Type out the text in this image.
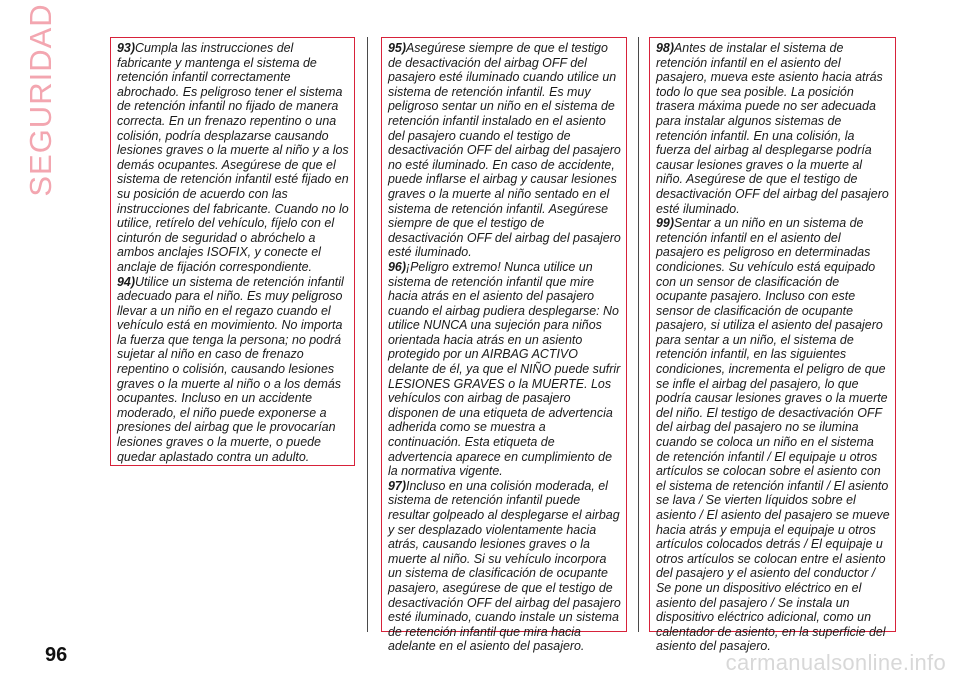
SEGURIDAD	93)Cumpla las instrucciones del fabricante y mantenga el sistema de retención infantil correctamente abrochado. Es peligroso tener el sistema de retención infantil no fijado de manera correcta. En un frenazo repentino o una colisión, podría desplazarse causando lesiones graves o la muerte al niño y a los demás ocupantes. Asegúrese de que el sistema de retención infantil esté fijado en su posición de acuerdo con las instrucciones del fabricante. Cuando no lo utilice, retírelo del vehículo, fíjelo con el cinturón de seguridad o abróchelo a ambos anclajes ISOFIX, y conecte el anclaje de fijación correspondiente.

94)Utilice un sistema de retención infantil adecuado para el niño. Es muy peligroso llevar a un niño en el regazo cuando el vehículo está en movimiento. No importa la fuerza que tenga la persona; no podrá sujetar al niño en caso de frenazo repentino o colisión, causando lesiones graves o la muerte al niño o a los demás ocupantes. Incluso en un accidente moderado, el niño puede exponerse a presiones del airbag que le provocarían lesiones graves o la muerte, o puede quedar aplastado contra un adulto.

95)Asegúrese siempre de que el testigo de desactivación del airbag OFF del pasajero esté iluminado cuando utilice un sistema de retención infantil. Es muy peligroso sentar un niño en el sistema de retención infantil instalado en el asiento del pasajero cuando el testigo de desactivación OFF del airbag del pasajero no esté iluminado. En caso de accidente, puede inflarse el airbag y causar lesiones graves o la muerte al niño sentado en el sistema de retención infantil. Asegúrese siempre de que el testigo de desactivación OFF del airbag del pasajero esté iluminado.

96)¡Peligro extremo! Nunca utilice un sistema de retención infantil que mire hacia atrás en el asiento del pasajero cuando el airbag pudiera desplegarse: No utilice NUNCA una sujeción para niños orientada hacia atrás en un asiento protegido por un AIRBAG ACTIVO delante de él, ya que el NIÑO puede sufrir LESIONES GRAVES o la MUERTE. Los vehículos con airbag de pasajero disponen de una etiqueta de advertencia adherida como se muestra a continuación. Esta etiqueta de advertencia aparece en cumplimiento de la normativa vigente.

97)Incluso en una colisión moderada, el sistema de retención infantil puede resultar golpeado al desplegarse el airbag y ser desplazado violentamente hacia atrás, causando lesiones graves o la muerte al niño. Si su vehículo incorpora un sistema de clasificación de ocupante pasajero, asegúrese de que el testigo de desactivación OFF del airbag del pasajero esté iluminado, cuando instale un sistema de retención infantil que mira hacia adelante en el asiento del pasajero.

98)Antes de instalar el sistema de retención infantil en el asiento del pasajero, mueva este asiento hacia atrás todo lo que sea posible. La posición trasera máxima puede no ser adecuada para instalar algunos sistemas de retención infantil. En una colisión, la fuerza del airbag al desplegarse podría causar lesiones graves o la muerte al niño. Asegúrese de que el testigo de desactivación OFF del airbag del pasajero esté iluminado.

99)Sentar a un niño en un sistema de retención infantil en el asiento del pasajero es peligroso en determinadas condiciones. Su vehículo está equipado con un sensor de clasificación de ocupante pasajero. Incluso con este sensor de clasificación de ocupante pasajero, si utiliza el asiento del pasajero para sentar a un niño, el sistema de retención infantil, en las siguientes condiciones, incrementa el peligro de que se infle el airbag del pasajero, lo que podría causar lesiones graves o la muerte del niño. El testigo de desactivación OFF del airbag del pasajero no se ilumina cuando se coloca un niño en el sistema de retención infantil / El equipaje u otros artículos se colocan sobre el asiento con el sistema de retención infantil / El asiento se lava / Se vierten líquidos sobre el asiento / El asiento del pasajero se mueve hacia atrás y empuja el equipaje u otros artículos colocados detrás / El equipaje u otros artículos se colocan entre el asiento del pasajero y el asiento del conductor / Se pone un dispositivo eléctrico en el asiento del pasajero / Se instala un dispositivo eléctrico adicional, como un calentador de asiento, en la superficie del asiento del pasajero.

96	carmanualsonline.info
